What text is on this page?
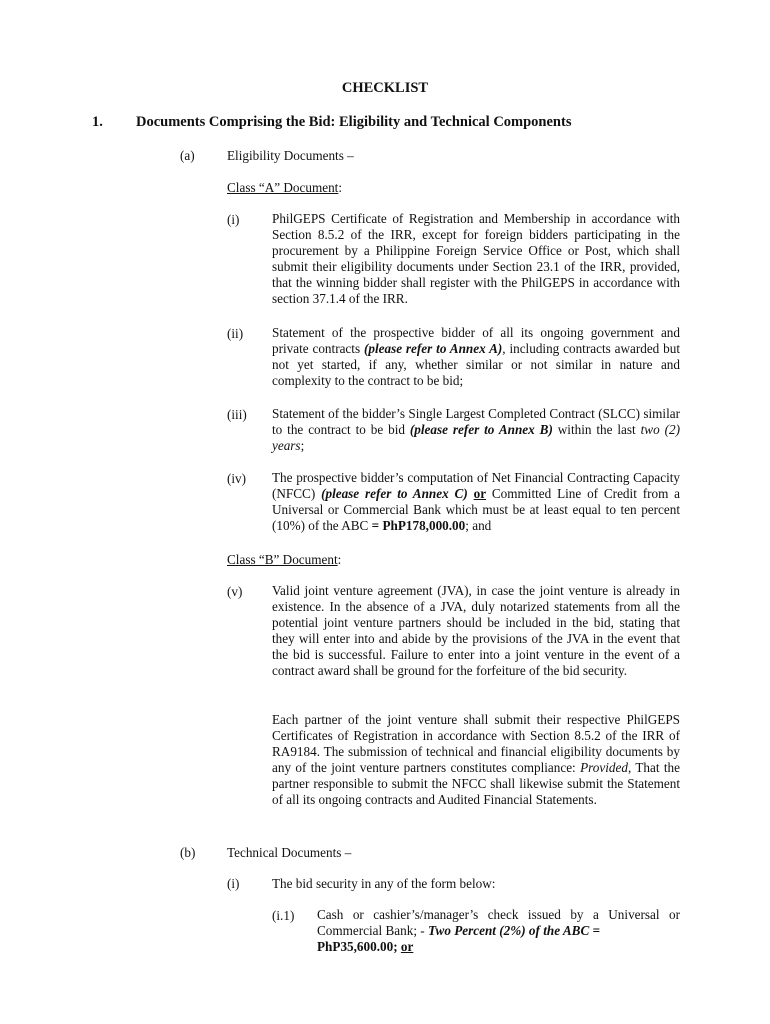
CHECKLIST
1. Documents Comprising the Bid: Eligibility and Technical Components
(a) Eligibility Documents –
Class “A” Document:
(i) PhilGEPS Certificate of Registration and Membership in accordance with Section 8.5.2 of the IRR, except for foreign bidders participating in the procurement by a Philippine Foreign Service Office or Post, which shall submit their eligibility documents under Section 23.1 of the IRR, provided, that the winning bidder shall register with the PhilGEPS in accordance with section 37.1.4 of the IRR.
(ii) Statement of the prospective bidder of all its ongoing government and private contracts (please refer to Annex A), including contracts awarded but not yet started, if any, whether similar or not similar in nature and complexity to the contract to be bid;
(iii) Statement of the bidder’s Single Largest Completed Contract (SLCC) similar to the contract to be bid (please refer to Annex B) within the last two (2) years;
(iv) The prospective bidder’s computation of Net Financial Contracting Capacity (NFCC) (please refer to Annex C) or Committed Line of Credit from a Universal or Commercial Bank which must be at least equal to ten percent (10%) of the ABC = PhP178,000.00; and
Class “B” Document:
(v) Valid joint venture agreement (JVA), in case the joint venture is already in existence. In the absence of a JVA, duly notarized statements from all the potential joint venture partners should be included in the bid, stating that they will enter into and abide by the provisions of the JVA in the event that the bid is successful. Failure to enter into a joint venture in the event of a contract award shall be ground for the forfeiture of the bid security.
Each partner of the joint venture shall submit their respective PhilGEPS Certificates of Registration in accordance with Section 8.5.2 of the IRR of RA9184. The submission of technical and financial eligibility documents by any of the joint venture partners constitutes compliance: Provided, That the partner responsible to submit the NFCC shall likewise submit the Statement of all its ongoing contracts and Audited Financial Statements.
(b) Technical Documents –
(i) The bid security in any of the form below:
(i.1) Cash or cashier’s/manager’s check issued by a Universal or Commercial Bank; - Two Percent (2%) of the ABC =
PhP35,600.00; or
